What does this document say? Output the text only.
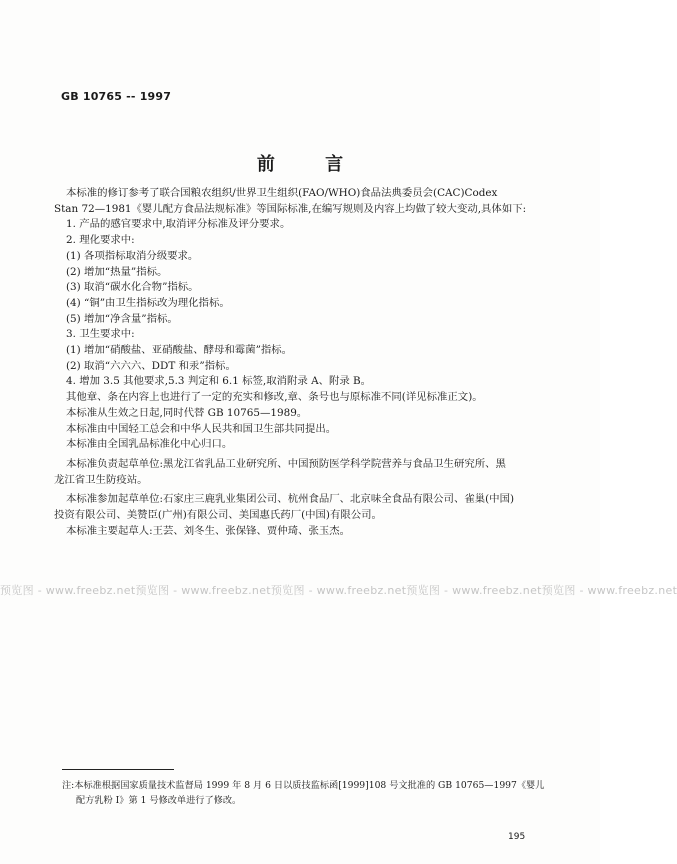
GB 10765 -- 1997
前 言

本标准的修订参考了联合国粮农组织/世界卫生组织(FAO/WHO)食品法典委员会(CAC)Codex

Stan 72—1981《婴儿配方食品法规标准》等国际标准,在编写规则及内容上均做了较大变动,具体如下:

1. 产品的感官要求中,取消评分标准及评分要求。

2. 理化要求中:

(1) 各项指标取消分级要求。

(2) 增加“热量”指标。

(3) 取消“碳水化合物”指标。

(4) “铜”由卫生指标改为理化指标。

(5) 增加“净含量”指标。

3. 卫生要求中:

(1) 增加“硝酸盐、亚硝酸盐、酵母和霉菌”指标。

(2) 取消“六六六、DDT 和汞”指标。

4. 增加 3.5 其他要求,5.3 判定和 6.1 标签,取消附录 A、附录 B。

其他章、条在内容上也进行了一定的充实和修改,章、条号也与原标准不同(详见标准正文)。

本标准从生效之日起,同时代替 GB 10765—1989。

本标准由中国轻工总会和中华人民共和国卫生部共同提出。

本标准由全国乳品标准化中心归口。

本标准负责起草单位:黑龙江省乳品工业研究所、中国预防医学科学院营养与食品卫生研究所、黑

龙江省卫生防疫站。

本标准参加起草单位:石家庄三鹿乳业集团公司、杭州食品厂、北京味全食品有限公司、雀巢(中国)

投资有限公司、美赞臣(广州)有限公司、美国惠氏药厂(中国)有限公司。

本标准主要起草人:王芸、刘冬生、张保锋、贾仲琦、张玉杰。

预览图 - www.freebz.net 预览图 - www.freebz.net 预览图 - www.freebz.net 预览图 - www.freebz.net 预览图 - www.freebz.net
注:本标准根据国家质量技术监督局 1999 年 8 月 6 日以质技监标函[1999]108 号文批准的 GB 10765—1997《婴儿
配方乳粉 Ⅰ》第 1 号修改单进行了修改。
195
